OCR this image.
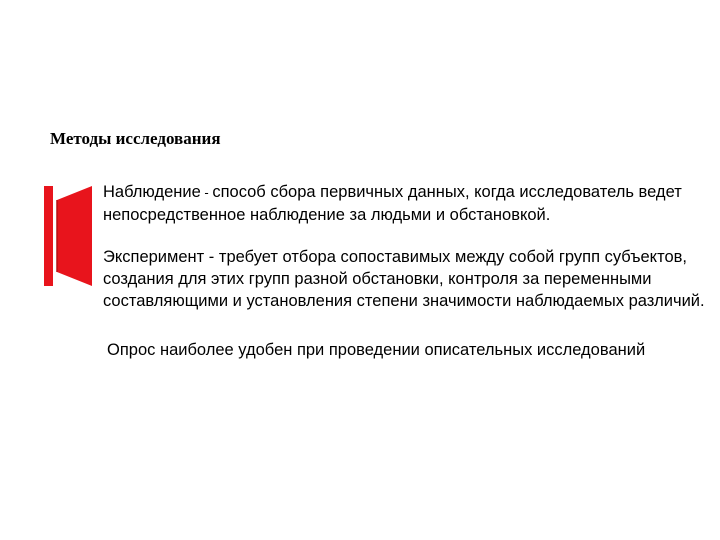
Методы исследования
Наблюдение - способ сбора первичных данных, когда исследователь ведет
непосредственное наблюдение за людьми и обстановкой.
Эксперимент - требует отбора сопоставимых между собой групп субъектов,
создания для этих групп разной обстановки, контроля за переменными
составляющими и установления степени значимости наблюдаемых различий.
Опрос наиболее удобен при проведении описательных исследований
